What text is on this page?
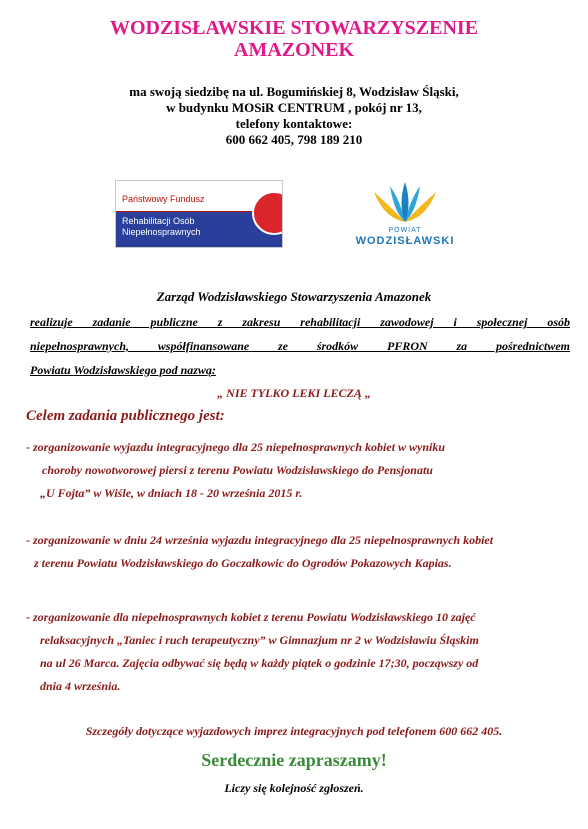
WODZISŁAWSKIE STOWARZYSZENIE
AMAZONEK
ma swoją siedzibę na ul. Bogumińskiej 8, Wodzisław Śląski,
w budynku MOSiR CENTRUM , pokój nr 13,
telefony kontaktowe:
600 662 405, 798 189 210
Państwowy Fundusz
Rehabilitacji Osób
Niepełnosprawnych	POWIAT
WODZISŁAWSKI
Zarząd Wodzisławskiego Stowarzyszenia Amazonek
realizuje zadanie publiczne z zakresu rehabilitacji zawodowej i społecznej osób
niepełnosprawnych, współfinansowane ze środków PFRON za pośrednictwem
Powiatu Wodzisławskiego pod nazwą:
„ NIE TYLKO LEKI LECZĄ „
Celem zadania publicznego jest:
- zorganizowanie wyjazdu integracyjnego dla 25 niepełnosprawnych kobiet w wyniku
choroby nowotworowej piersi z terenu Powiatu Wodzisławskiego do Pensjonatu
„U Fojta” w Wiśle, w dniach 18 - 20 września 2015 r.
- zorganizowanie w dniu 24 września wyjazdu integracyjnego dla 25 niepełnosprawnych kobiet
z terenu Powiatu Wodzisławskiego do Goczałkowic do Ogrodów Pokazowych Kapias.
- zorganizowanie dla niepełnosprawnych kobiet z terenu Powiatu Wodzisławskiego 10 zajęć
relaksacyjnych „Taniec i ruch terapeutyczny” w Gimnazjum nr 2 w Wodzisławiu Śląskim
na ul 26 Marca. Zajęcia odbywać się będą w każdy piątek o godzinie 17;30, począwszy od
dnia 4 września.
Szczegóły dotyczące wyjazdowych imprez integracyjnych pod telefonem 600 662 405.
Serdecznie zapraszamy!
Liczy się kolejność zgłoszeń.
